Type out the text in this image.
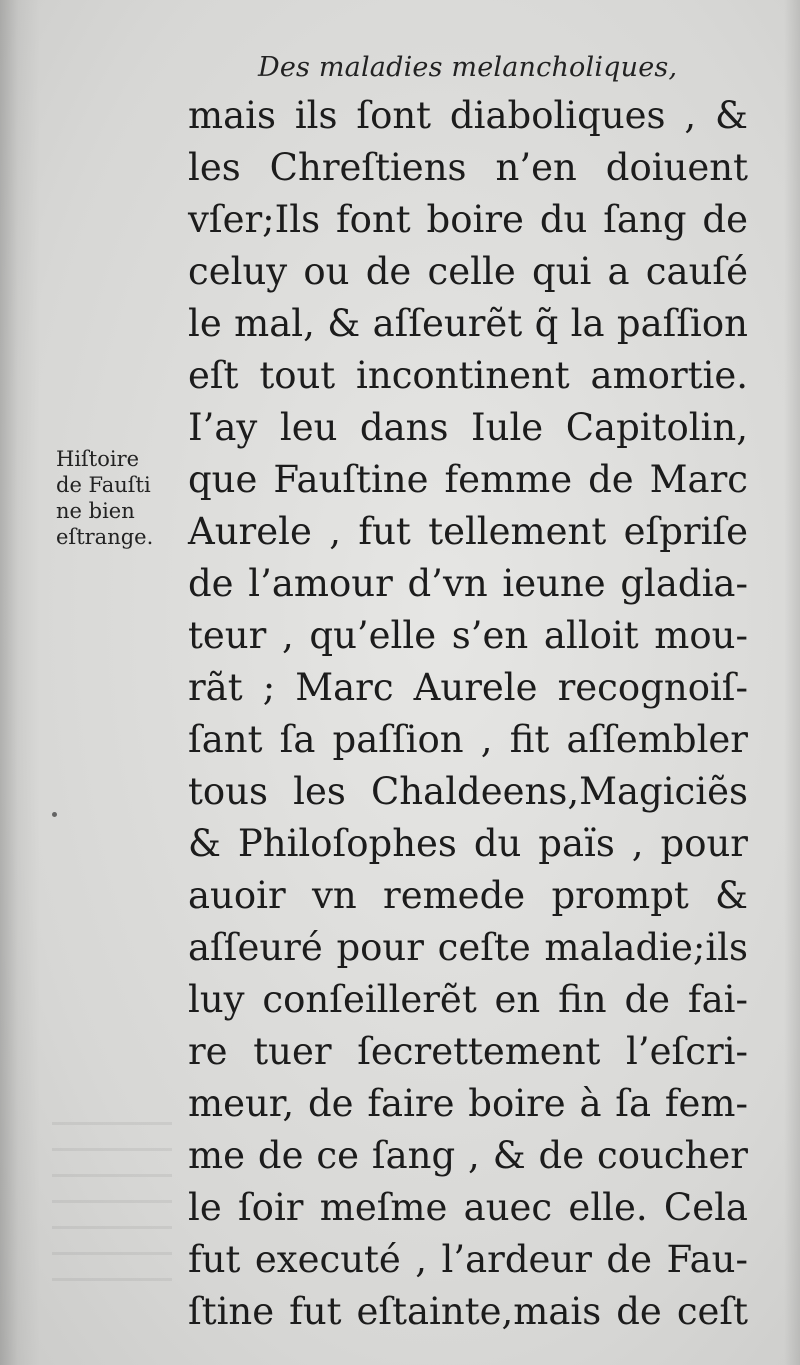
Des maladies melancholiques,
Hiſtoire
de Fauſti
ne bien
eſtrange.
mais ils ſont diaboliques , &
les Chreſtiens n’en doiuent
vſer;Ils font boire du ſang de
celuy ou de celle qui a cauſé
le mal, & aſſeurẽt q̃ la paſſion
eſt tout incontinent amortie.
I’ay leu dans Iule Capitolin,
que Fauſtine femme de Marc
Aurele , fut tellement eſpriſe
de l’amour d’vn ieune gladia-
teur , qu’elle s’en alloit mou-
rãt ; Marc Aurele recognoiſ-
ſant ſa paſſion , fit aſſembler
tous les Chaldeens,Magiciẽs
& Philoſophes du païs , pour
auoir vn remede prompt &
aſſeuré pour ceſte maladie;ils
luy conſeillerẽt en fin de fai-
re tuer ſecrettement l’eſcri-
meur, de faire boire à ſa fem-
me de ce ſang , & de coucher
le ſoir meſme auec elle. Cela
fut executé , l’ardeur de Fau-
ſtine fut eſtainte,mais de ceſt
